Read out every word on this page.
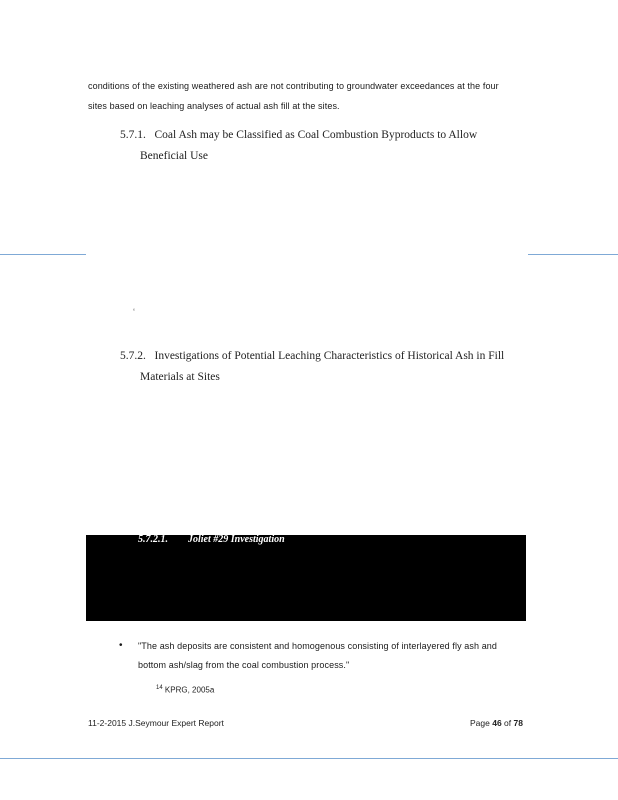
conditions of the existing weathered ash are not contributing to groundwater exceedances at the four
sites based on leaching analyses of actual ash fill at the sites.
5.7.1.   Coal Ash may be Classified as Coal Combustion Byproducts to Allow
Beneficial Use
‘
5.7.2.   Investigations of Potential Leaching Characteristics of Historical Ash in Fill
Materials at Sites
5.7.2.1. Joliet #29 Investigation
• "The ash deposits are consistent and homogenous consisting of interlayered fly ash and
bottom ash/slag from the coal combustion process."
$^{14}$ KPRG, 2005a
11-2-2015 J.Seymour Expert Report	Page 46 of 78
